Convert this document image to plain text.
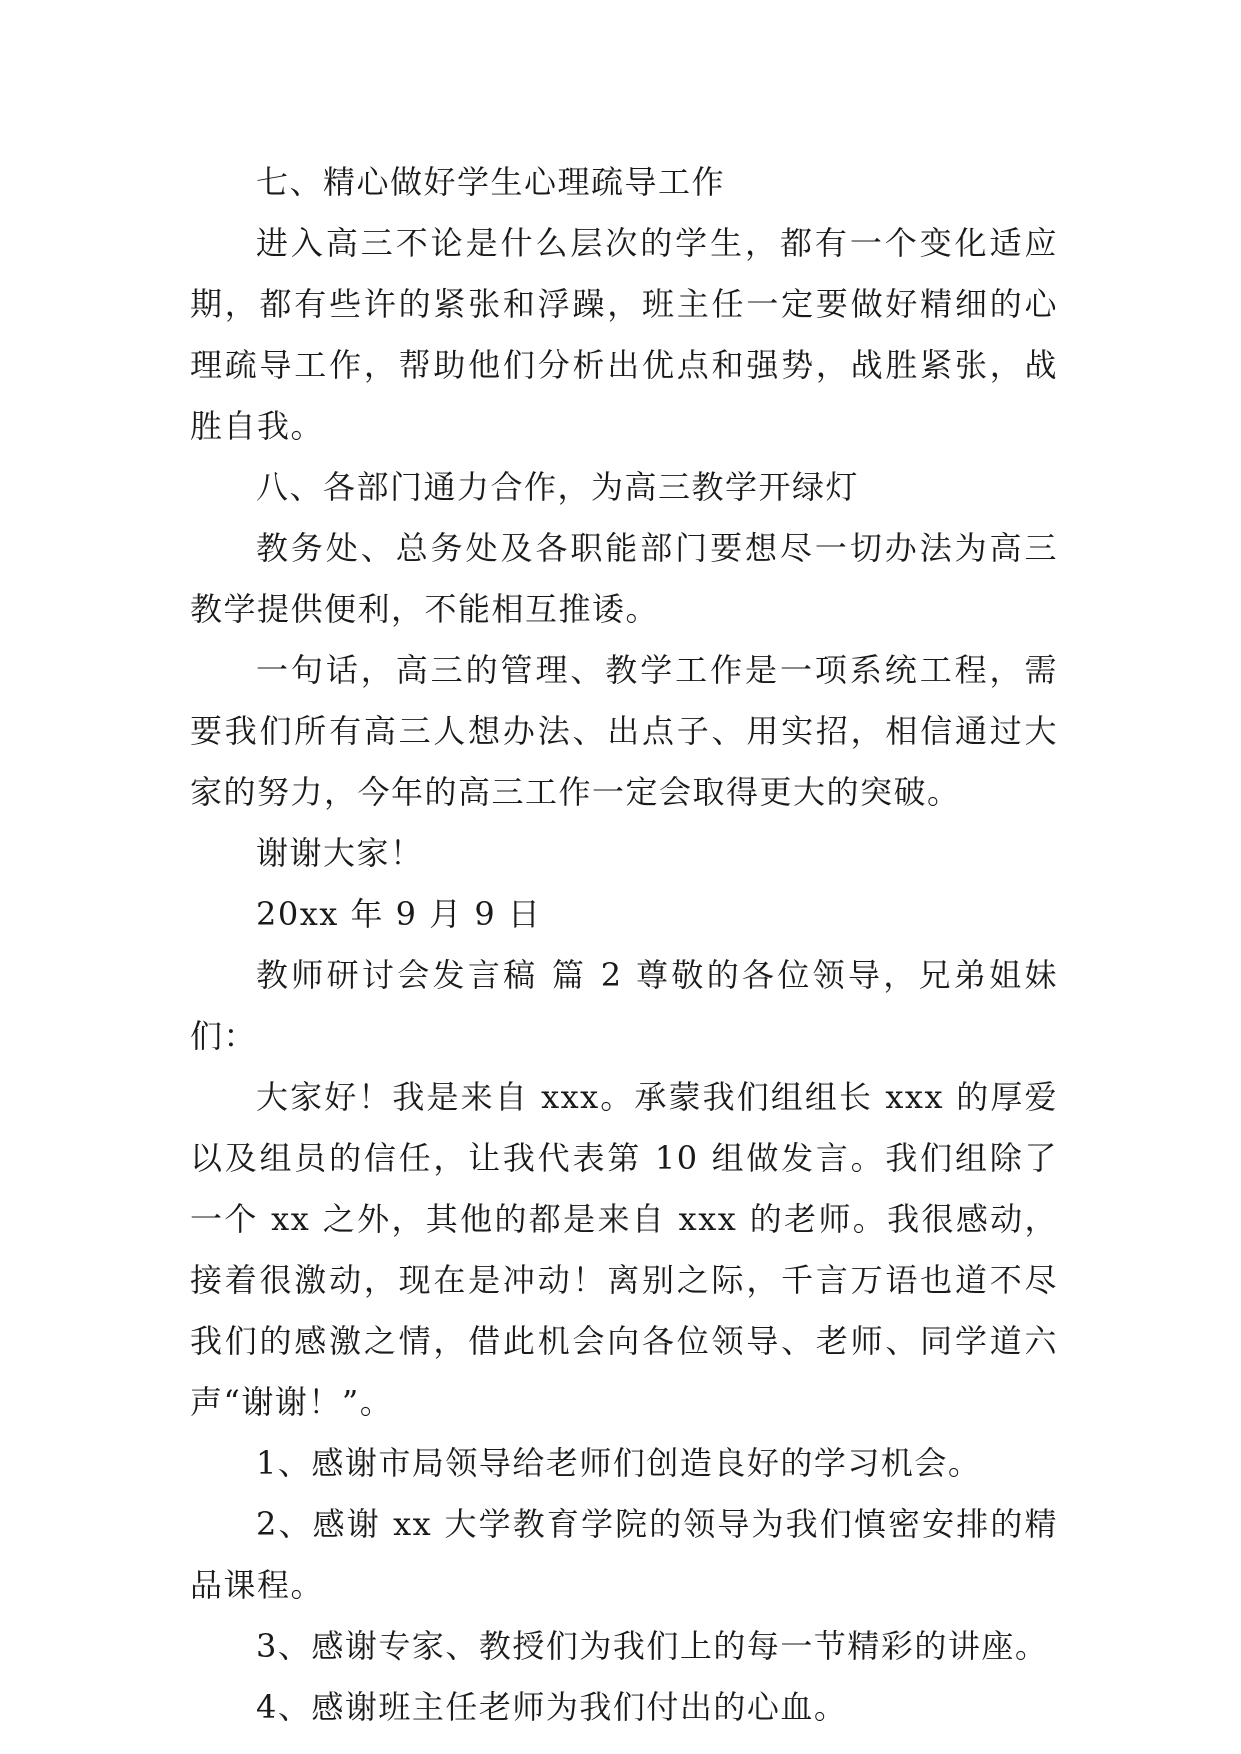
七、精心做好学生心理疏导工作

进入高三不论是什么层次的学生，都有一个变化适应期，都有些许的紧张和浮躁，班主任一定要做好精细的心理疏导工作，帮助他们分析出优点和强势，战胜紧张，战胜自我。

八、各部门通力合作，为高三教学开绿灯

教务处、总务处及各职能部门要想尽一切办法为高三教学提供便利，不能相互推诿。

一句话，高三的管理、教学工作是一项系统工程，需要我们所有高三人想办法、出点子、用实招，相信通过大家的努力，今年的高三工作一定会取得更大的突破。

谢谢大家！

20xx 年 9 月 9 日

教师研讨会发言稿 篇 2 尊敬的各位领导，兄弟姐妹们：

大家好！我是来自 xxx。承蒙我们组组长 xxx 的厚爱以及组员的信任，让我代表第 10 组做发言。我们组除了一个 xx 之外，其他的都是来自 xxx 的老师。我很感动，接着很激动，现在是冲动！离别之际，千言万语也道不尽我们的感激之情，借此机会向各位领导、老师、同学道六声“谢谢！”。

1、感谢市局领导给老师们创造良好的学习机会。

2、感谢 xx 大学教育学院的领导为我们慎密安排的精品课程。

3、感谢专家、教授们为我们上的每一节精彩的讲座。

4、感谢班主任老师为我们付出的心血。
